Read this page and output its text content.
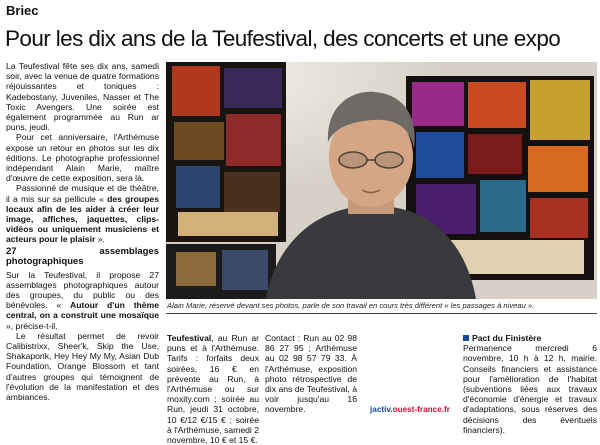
Briec
Pour les dix ans de la Teufestival, des concerts et une expo

La Teufestival fête ses dix ans, samedi soir, avec la venue de quatre formations réjouissantes et toniques : Kadebostany, Juveniles, Nasser et The Toxic Avengers. Une soirée est également programmée au Run ar puns, jeudi.

Pour cet anniversaire, l'Arthémuse expose un retour en photos sur les dix éditions. Le photographe professionnel indépendant Alain Marie, maître d'œuvre de cette exposition, sera là.

Passionné de musique et de théâtre, il a mis sur sa pellicule « des groupes locaux afin de les aider à créer leur image, affiches, jaquettes, clips-vidéos ou uniquement musiciens et acteurs pour le plaisir ».

27 assemblages photographiques

Sur la Teufestival, il propose 27 assemblages photographiques autour des groupes, du public ou des bénévoles. « Autour d'un thème central, on a construit une mosaïque », précise-t-il.

Le résultat permet de revoir Calibistrixx, Sheer'k, Skip the Use, Shakaponk, Hey Hey My My, Asian Dub Foundation, Orange Blossom et tant d'autres groupes qui témoignent de l'évolution de la manifestation et des ambiances.

Alain Marie, réservé devant ses photos, parle de son travail en cours très différent « les passages à niveau ».

Teufestival, au Run ar puns et à l'Arthémuse. Tarifs : forfaits deux soirées, 16 € en prévente au Run, à l'Arthémuse ou sur moxity.com ; soirée au Run, jeudi 31 octobre, 10 €/12 €/15 € ; soirée à l'Arthémuse, samedi 2 novembre, 10 € et 15 €.

Contact : Run au 02 98 86 27 95 ; Arthémuse au 02 98 57 79 33. À l'Arthémuse, exposition photo rétrospective de dix ans de Teufestival, à voir jusqu'au 16 novembre.

Pact du Finistère

Permanence mercredi 6 novembre, 10 h à 12 h, mairie. Conseils financiers et assistance pour l'amélioration de l'habitat (subventions liées aux travaux d'économie d'énergie et travaux d'adaptations, sous réserves des décisions des éventuels financiers).

jactiv.ouest-france.fr
